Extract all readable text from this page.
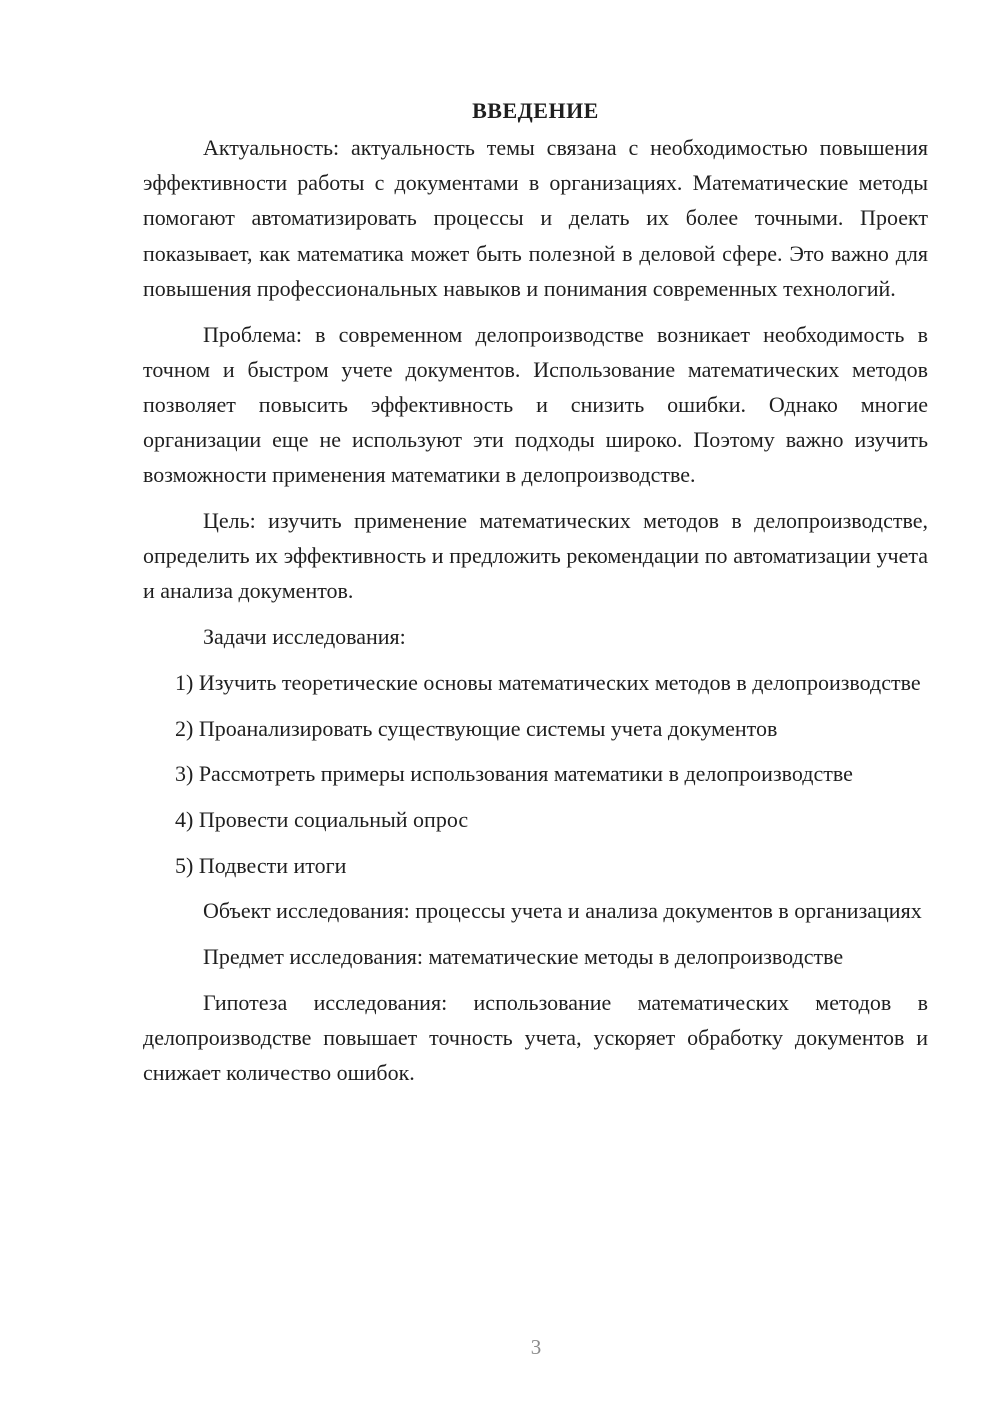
ВВЕДЕНИЕ

Актуальность: актуальность темы связана с необходимостью повышения эффективности работы с документами в организациях. Математические методы помогают автоматизировать процессы и делать их более точными. Проект показывает, как математика может быть полезной в деловой сфере. Это важно для повышения профессиональных навыков и понимания современных технологий.

Проблема: в современном делопроизводстве возникает необходимость в точном и быстром учете документов. Использование математических методов позволяет повысить эффективность и снизить ошибки. Однако многие организации еще не используют эти подходы широко. Поэтому важно изучить возможности применения математики в делопроизводстве.

Цель: изучить применение математических методов в делопроизводстве, определить их эффективность и предложить рекомендации по автоматизации учета и анализа документов.

Задачи исследования:

1) Изучить теоретические основы математических методов в делопроизводстве

2) Проанализировать существующие системы учета документов

3) Рассмотреть примеры использования математики в делопроизводстве

4) Провести социальный опрос

5) Подвести итоги

Объект исследования: процессы учета и анализа документов в организациях

Предмет исследования: математические методы в делопроизводстве

Гипотеза исследования: использование математических методов в делопроизводстве повышает точность учета, ускоряет обработку документов и снижает количество ошибок.

3
